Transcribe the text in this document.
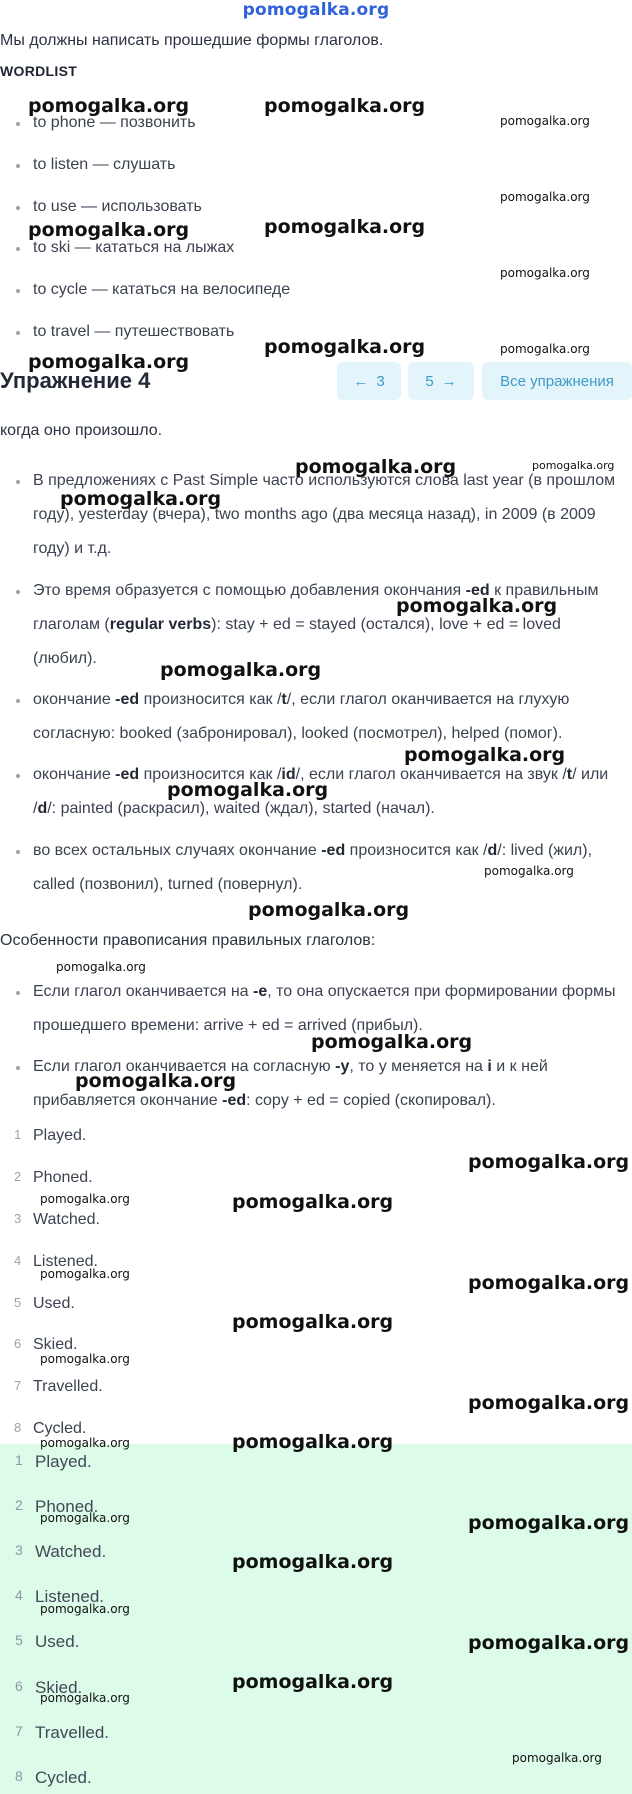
pomogalka.org
Мы должны написать прошедшие формы глаголов.
WORDLIST
to phone — позвонить
to listen — слушать
to use — использовать
to ski — кататься на лыжах
to cycle — кататься на велосипеде
to travel — путешествовать
Упражнение 4	← 3	5 →	Все упражнения
когда оно произошло.
В предложениях с Past Simple часто используются слова last year (в прошлом году), yesterday (вчера), two months ago (два месяца назад), in 2009 (в 2009 году) и т.д.
Это время образуется с помощью добавления окончания -ed к правильным глаголам (regular verbs): stay + ed = stayed (остался), love + ed = loved (любил).
окончание -ed произносится как /t/, если глагол оканчивается на глухую согласную: booked (забронировал), looked (посмотрел), helped (помог).
окончание -ed произносится как /id/, если глагол оканчивается на звук /t/ или /d/: painted (раскрасил), waited (ждал), started (начал).
во всех остальных случаях окончание -ed произносится как /d/: lived (жил), called (позвонил), turned (повернул).
Особенности правописания правильных глаголов:
Если глагол оканчивается на -e, то она опускается при формировании формы прошедшего времени: arrive + ed = arrived (прибыл).
Если глагол оканчивается на согласную -y, то у меняется на i и к ней прибавляется окончание -ed: copy + ed = copied (скопировал).
1 Played.
2 Phoned.
3 Watched.
4 Listened.
5 Used.
6 Skied.
7 Travelled.
8 Cycled.
1 Played.
2 Phoned.
3 Watched.
4 Listened.
5 Used.
6 Skied.
7 Travelled.
8 Cycled.
pomogalka.org	pomogalka.org
pomogalka.org
pomogalka.org
pomogalka.org	pomogalka.org
pomogalka.org
pomogalka.org
pomogalka.org
pomogalka.org
pomogalka.org	pomogalka.org
pomogalka.org
pomogalka.org
pomogalka.org
pomogalka.org
pomogalka.org
pomogalka.org
pomogalka.org
pomogalka.org
pomogalka.org
pomogalka.org
pomogalka.org
pomogalka.org	pomogalka.org
pomogalka.org	pomogalka.org
pomogalka.org
pomogalka.org
pomogalka.org
pomogalka.org	pomogalka.org
pomogalka.org	pomogalka.org
pomogalka.org
pomogalka.org
pomogalka.org
pomogalka.org
pomogalka.org
pomogalka.org
